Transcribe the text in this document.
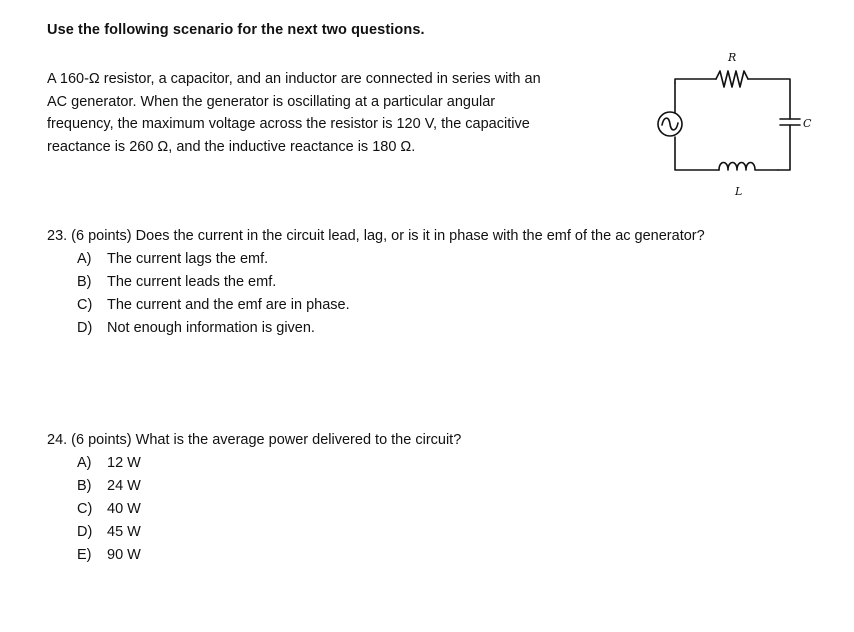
Use the following scenario for the next two questions.
A 160-Ω resistor, a capacitor, and an inductor are connected in series with an
AC generator. When the generator is oscillating at a particular angular
frequency, the maximum voltage across the resistor is 120 V, the capacitive
reactance is 260 Ω, and the inductive reactance is 180 Ω.
R
C
L
23. (6 points) Does the current in the circuit lead, lag, or is it in phase with the emf of the ac generator?
A) The current lags the emf.
B) The current leads the emf.
C) The current and the emf are in phase.
D) Not enough information is given.
24. (6 points) What is the average power delivered to the circuit?
A) 12 W
B) 24 W
C) 40 W
D) 45 W
E) 90 W
